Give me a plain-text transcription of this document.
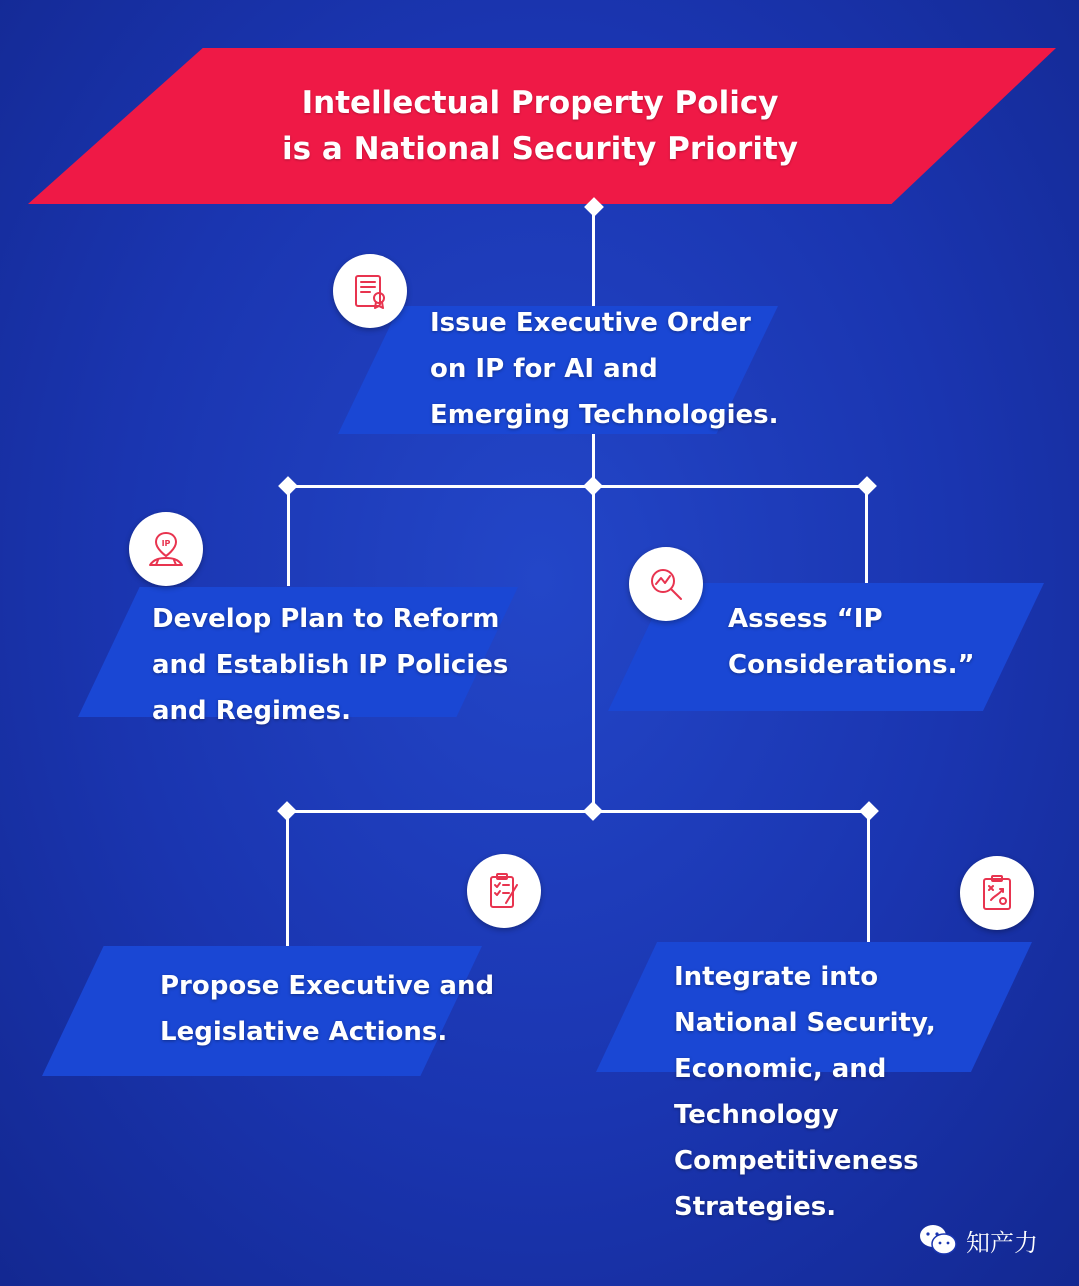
Intellectual Property Policy
is a National Security Priority
IP
Issue Executive Order
on IP for AI and
Emerging Technologies.
Develop Plan to Reform
and Establish IP Policies
and Regimes.
Assess “IP
Considerations.”
Propose Executive and
Legislative Actions.
Integrate into
National Security,
Economic, and
Technology
Competitiveness
Strategies.
知产力
